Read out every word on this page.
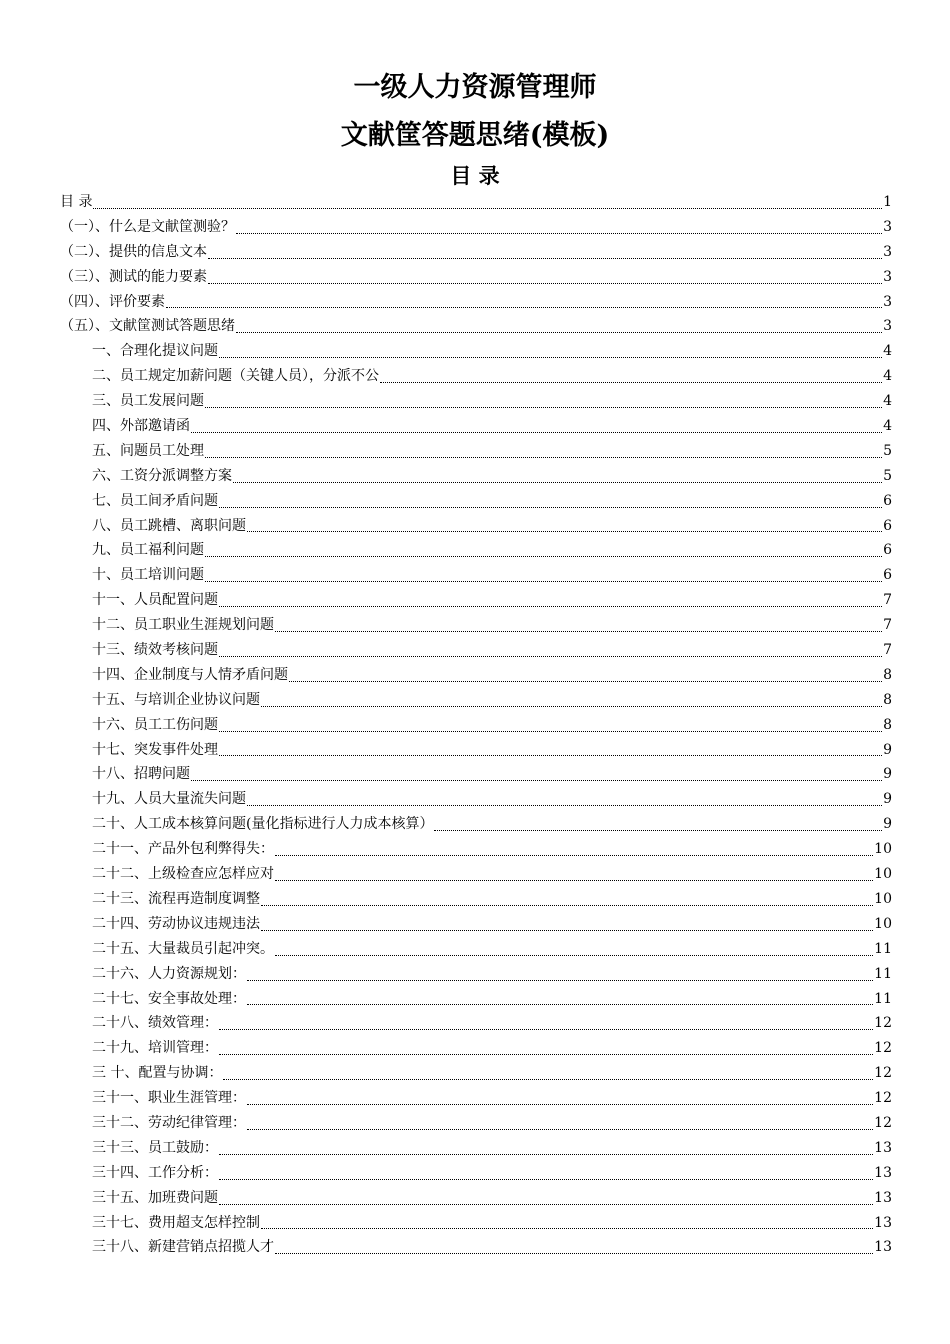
一级人力资源管理师
文献筐答题思绪(模板)
目 录
目 录	1
（一）、什么是文献筐测验？	3
（二）、提供的信息文本	3
（三）、测试的能力要素	3
（四）、评价要素	3
（五）、文献筐测试答题思绪	3
一、合理化提议问题	4
二、员工规定加薪问题（关键人员），分派不公	4
三、员工发展问题	4
四、外部邀请函	4
五、问题员工处理	5
六、工资分派调整方案	5
七、员工间矛盾问题	6
八、员工跳槽、离职问题	6
九、员工福利问题	6
十、员工培训问题	6
十一、人员配置问题	7
十二、员工职业生涯规划问题	7
十三、绩效考核问题	7
十四、企业制度与人情矛盾问题	8
十五、与培训企业协议问题	8
十六、员工工伤问题	8
十七、突发事件处理	9
十八、招聘问题	9
十九、人员大量流失问题	9
二十、人工成本核算问题(量化指标进行人力成本核算）	9
二十一、产品外包利弊得失：	10
二十二、上级检查应怎样应对	10
二十三、流程再造制度调整	10
二十四、劳动协议违规违法	10
二十五、大量裁员引起冲突。	11
二十六、人力资源规划：	11
二十七、安全事故处理：	11
二十八、绩效管理：	12
二十九、培训管理：	12
三 十、配置与协调：	12
三十一、职业生涯管理：	12
三十二、劳动纪律管理：	12
三十三、员工鼓励：	13
三十四、工作分析：	13
三十五、加班费问题	13
三十七、费用超支怎样控制	13
三十八、新建营销点招揽人才	13
